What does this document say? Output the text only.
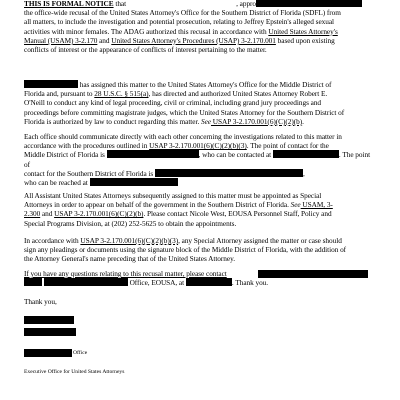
THIS IS FORMAL NOTICE that	, approved
the office-wide recusal of the United States Attorney's Office for the Southern District of Florida (SDFL) from
all matters, to include the investigation and potential prosecution, relating to Jeffrey Epstein's alleged sexual
activities with minor females. The ADAG authorized this recusal in accordance with United States Attorney's
Manual (USAM) 3-2.170 and United States Attorney's Procedures (USAP) 3-2.170.001 based upon existing
conflicts of interest or the appearance of conflicts of interest pertaining to the matter.

has assigned this matter to the United States Attorney's Office for the Middle District of
Florida and, pursuant to 28 U.S.C. § 515(a), has directed and authorized United States Attorney Robert E.
O'Neill to conduct any kind of legal proceeding, civil or criminal, including grand jury proceedings and
proceedings before committing magistrate judges, which the United States Attorney for the Southern District of
Florida is authorized by law to conduct regarding this matter. See USAP 3-2.170.001(6)(C)(2)(b).

Each office should communicate directly with each other concerning the investigations related to this matter in
accordance with the procedures outlined in USAP 3-2.170.001(6)(C)(2)(b)(3). The point of contact for the
Middle District of Florida is	, who can be contacted at	. The point of
contact for the Southern District of Florida is	,
who can be reached at

All Assistant United States Attorneys subsequently assigned to this matter must be appointed as Special
Attorneys in order to appear on behalf of the government in the Southern District of Florida. See USAM, 3-
2.300 and USAP 3-2.170.001(6)(C)(2)(b). Please contact Nicole West, EOUSA Personnel Staff, Policy and
Special Programs Division, at (202) 252-5625 to obtain the appointments.

In accordance with USAP 3-2.170.001(6)(C)(2)(b)(3), any Special Attorney assigned the matter or case should
sign any pleadings or documents using the signature block of the Middle District of Florida, with the addition of
the Attorney General's name preceding that of the United States Attorney.

If you have any questions relating to this recusal matter, please contact
Office, EOUSA, at	. Thank you.

Thank you,
Office
Executive Office for United States Attorneys
